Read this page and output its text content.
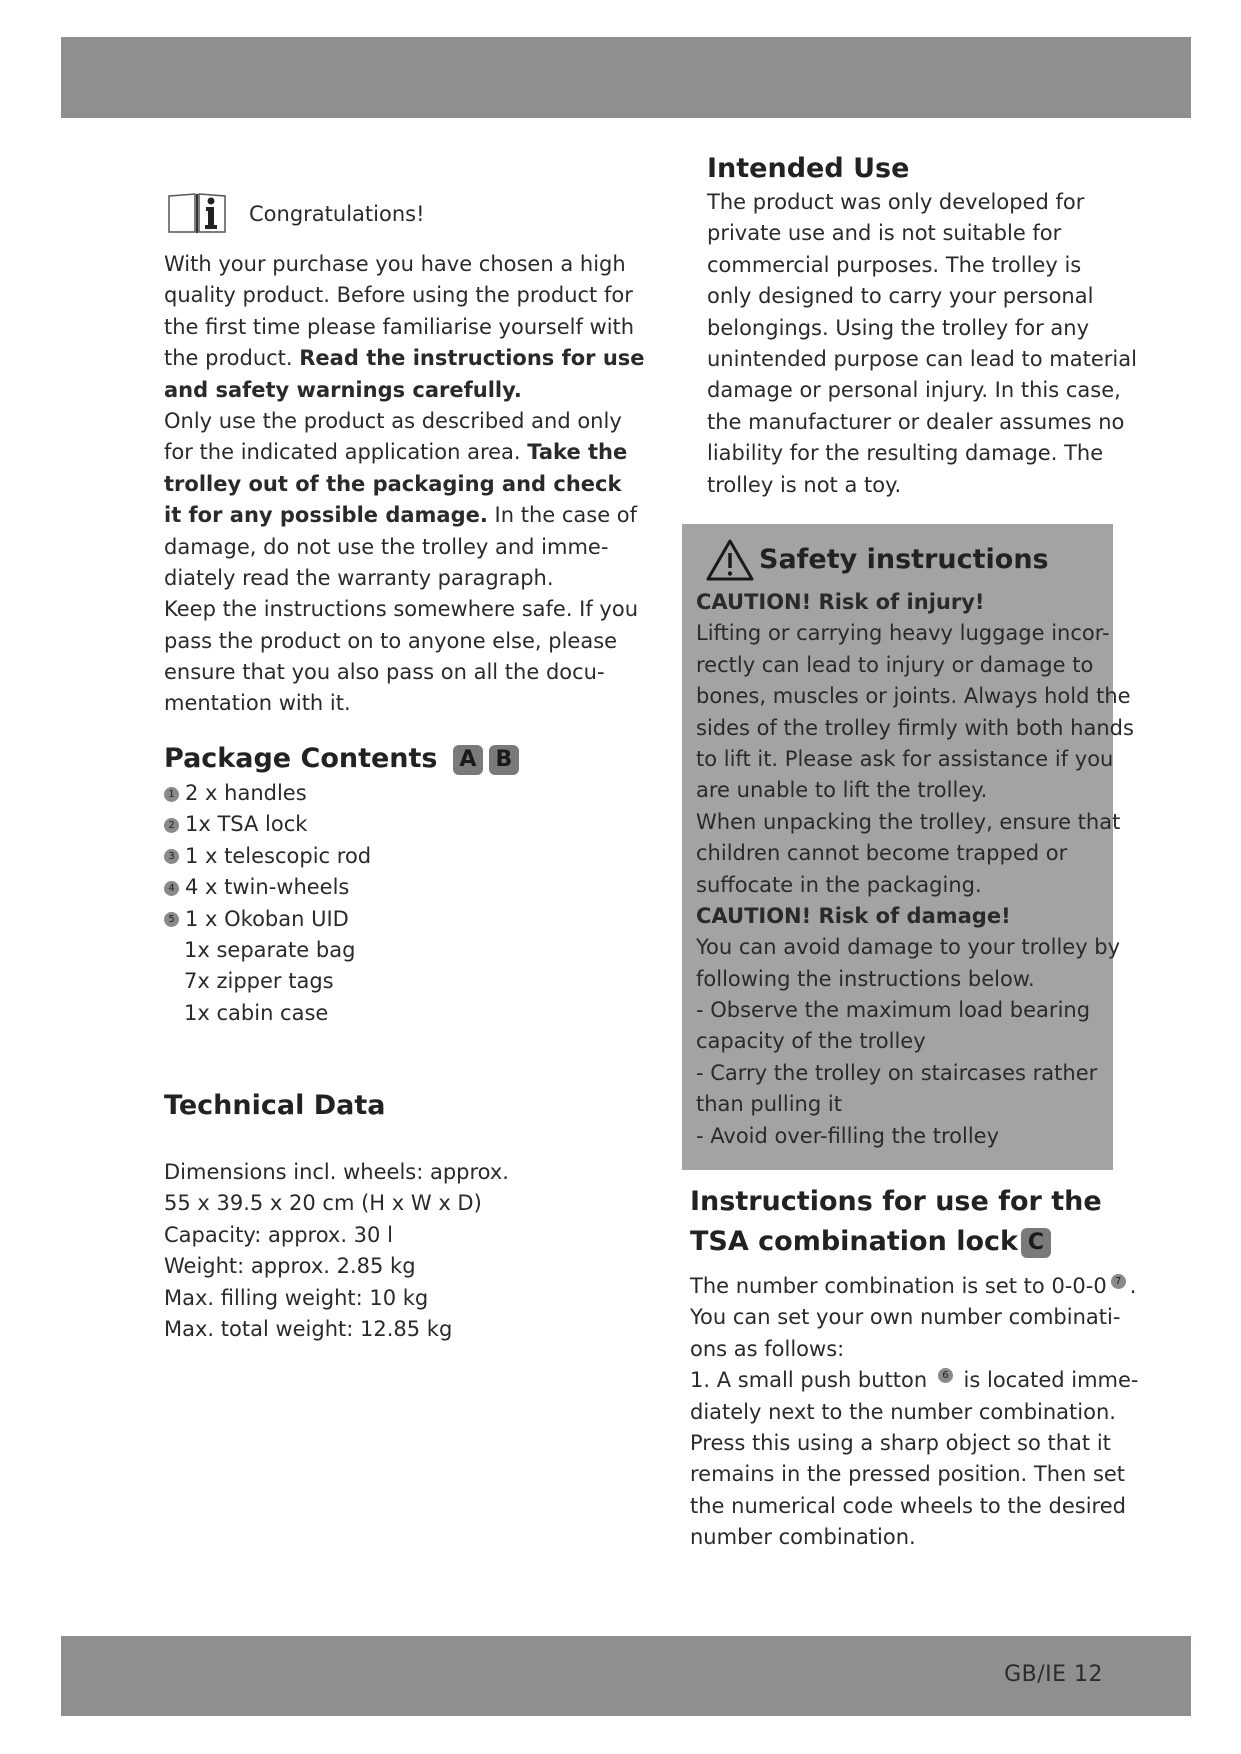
Congratulations!
With your purchase you have chosen a high
quality product. Before using the product for
the first time please familiarise yourself with
the product. Read the instructions for use
and safety warnings carefully.
Only use the product as described and only
for the indicated application area. Take the
trolley out of the packaging and check
it for any possible damage. In the case of
damage, do not use the trolley and imme-
diately read the warranty paragraph.
Keep the instructions somewhere safe. If you
pass the product on to anyone else, please
ensure that you also pass on all the docu-
mentation with it.
Package Contents A B
1 2 x handles
2 1x TSA lock
3 1 x telescopic rod
4 4 x twin-wheels
5 1 x Okoban UID
1x separate bag
7x zipper tags
1x cabin case
Technical Data
Dimensions incl. wheels: approx.
55 x 39.5 x 20 cm (H x W x D)
Capacity: approx. 30 l
Weight: approx. 2.85 kg
Max. filling weight: 10 kg
Max. total weight: 12.85 kg
Intended Use
The product was only developed for
private use and is not suitable for
commercial purposes. The trolley is
only designed to carry your personal
belongings. Using the trolley for any
unintended purpose can lead to material
damage or personal injury. In this case,
the manufacturer or dealer assumes no
liability for the resulting damage. The
trolley is not a toy.
Safety instructions
CAUTION! Risk of injury!
Lifting or carrying heavy luggage incor-
rectly can lead to injury or damage to
bones, muscles or joints. Always hold the
sides of the trolley firmly with both hands
to lift it. Please ask for assistance if you
are unable to lift the trolley.
When unpacking the trolley, ensure that
children cannot become trapped or
suffocate in the packaging.
CAUTION! Risk of damage!
You can avoid damage to your trolley by
following the instructions below.
- Observe the maximum load bearing
capacity of the trolley
- Carry the trolley on staircases rather
than pulling it
- Avoid over-filling the trolley
Instructions for use for the
TSA combination lock C
The number combination is set to 0-0-0 7 .
You can set your own number combinati-
ons as follows:
1. A small push button 6 is located imme-
diately next to the number combination.
Press this using a sharp object so that it
remains in the pressed position. Then set
the numerical code wheels to the desired
number combination.
GB/IE 12
